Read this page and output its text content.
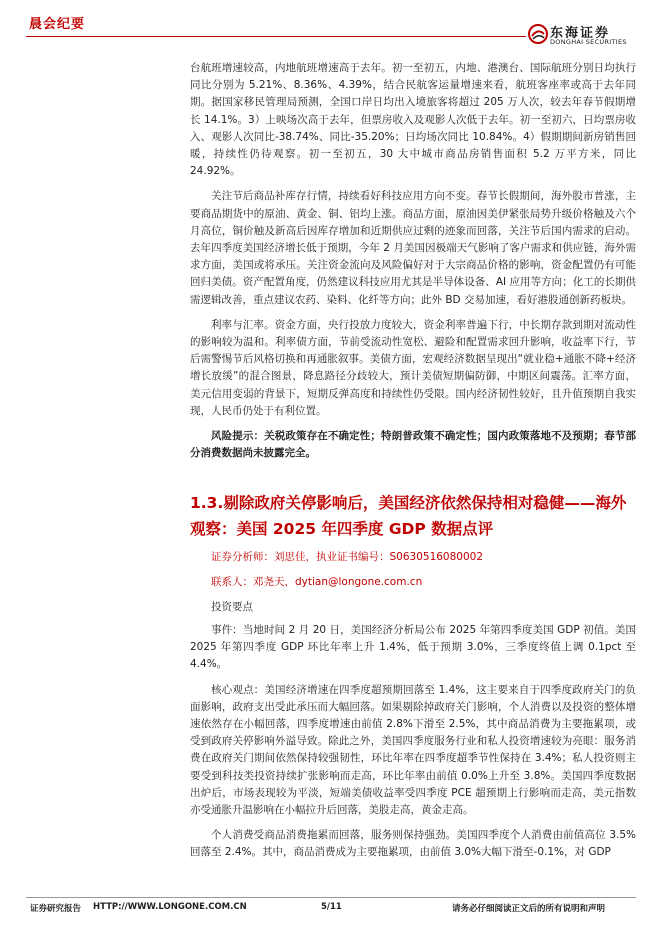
晨会纪要
东海证券
DONGHAI SECURITIES

台航班增速较高，内地航班增速高于去年。初一至初五，内地、港澳台、国际航班分别日均执行同比分别为 5.21%、8.36%、4.39%，结合民航客运量增速来看，航班客座率或高于去年同期。据国家移民管理局预测，全国口岸日均出入境旅客将超过 205 万人次，较去年春节假期增长 14.1%。3）上映场次高于去年，但票房收入及观影人次低于去年。初一至初六，日均票房收入、观影人次同比-38.74%、同比-35.20%；日均场次同比 10.84%。4）假期期间新房销售回暖，持续性仍待观察。初一至初五，30 大中城市商品房销售面积 5.2 万平方米，同比 24.92%。

关注节后商品补库存行情，持续看好科技应用方向不变。春节长假期间，海外股市普涨，主要商品期货中的原油、黄金、铜、铝均上涨。商品方面，原油因美伊紧张局势升级价格触及六个月高位，铜价触及新高后因库存增加和近期供应过剩的迹象而回落，关注节后国内需求的启动。去年四季度美国经济增长低于预期，今年 2 月美国因极端天气影响了客户需求和供应链，海外需求方面，美国或将承压。关注资金流向及风险偏好对于大宗商品价格的影响，资金配置仍有可能回归美债。资产配置角度，仍然建议科技应用尤其是半导体设备、AI 应用等方向；化工的长期供需逻辑改善，重点建议农药、染料、化纤等方向；此外 BD 交易加速，看好港股通创新药板块。

利率与汇率。资金方面，央行投放力度较大，资金利率普遍下行，中长期存款到期对流动性的影响较为温和。利率债方面，节前受流动性宽松、避险和配置需求回升影响，收益率下行，节后需警惕节后风格切换和再通胀叙事。美债方面，宏观经济数据呈现出“就业稳+通胀不降+经济增长放缓”的混合图景，降息路径分歧较大，预计美债短期偏防御，中期区间震荡。汇率方面，美元信用变弱的背景下，短期反弹高度和持续性仍受限。国内经济韧性较好，且升值预期自我实现，人民币仍处于有利位置。

风险提示：关税政策存在不确定性；特朗普政策不确定性；国内政策落地不及预期；春节部分消费数据尚未披露完全。

1.3.剔除政府关停影响后，美国经济依然保持相对稳健——海外观察：美国 2025 年四季度 GDP 数据点评
证券分析师：刘思佳，执业证书编号：S0630516080002
联系人：邓尧天，dytian@longone.com.cn
投资要点

事件：当地时间 2 月 20 日，美国经济分析局公布 2025 年第四季度美国 GDP 初值。美国 2025 年第四季度 GDP 环比年率上升 1.4%，低于预期 3.0%，三季度终值上调 0.1pct 至 4.4%。

核心观点：美国经济增速在四季度超预期回落至 1.4%，这主要来自于四季度政府关门的负面影响，政府支出受此承压而大幅回落。如果剔除掉政府关门影响，个人消费以及投资的整体增速依然存在小幅回落，四季度增速由前值 2.8%下滑至 2.5%，其中商品消费为主要拖累项，或受到政府关停影响外溢导致。除此之外，美国四季度服务行业和私人投资增速较为亮眼：服务消费在政府关门期间依然保持较强韧性，环比年率在四季度超季节性保持在 3.4%；私人投资则主要受到科技类投资持续扩张影响而走高，环比年率由前值 0.0%上升至 3.8%。美国四季度数据出炉后，市场表现较为平淡，短端美债收益率受四季度 PCE 超预期上行影响而走高，美元指数亦受通胀升温影响在小幅拉升后回落，美股走高，黄金走高。

个人消费受商品消费拖累而回落，服务则保持强劲。美国四季度个人消费由前值高位 3.5%回落至 2.4%。其中，商品消费成为主要拖累项，由前值 3.0%大幅下滑至-0.1%，对 GDP

证券研究报告 HTTP://WWW.LONGONE.COM.CN	5/11	请务必仔细阅读正文后的所有说明和声明
